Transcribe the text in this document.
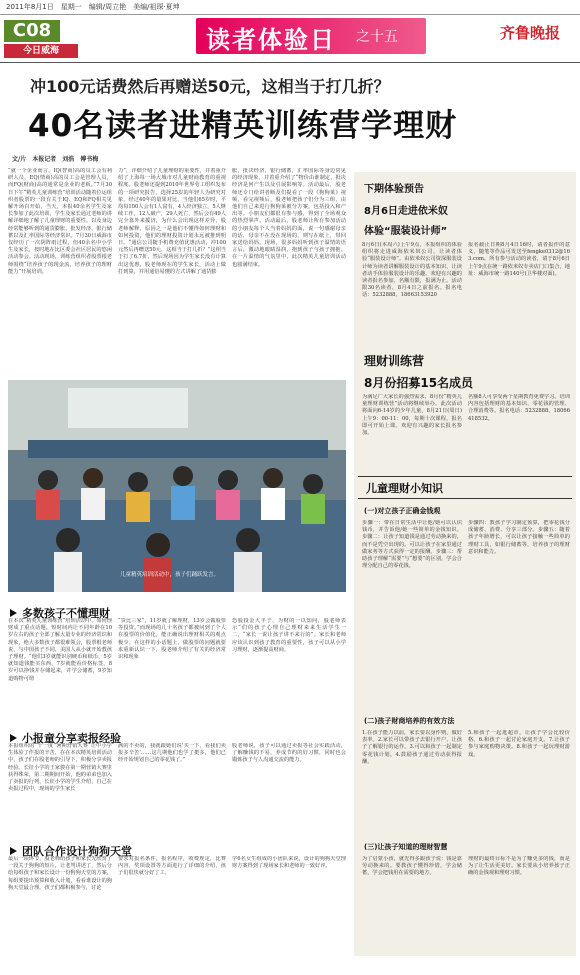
2011年8月1日　星期一　编辑/周立艳　美编/祖琛·夏坤
C08
今日威海	读者体验日 之十五	齐鲁晚报
冲100元话费然后再赠送50元，这相当于打几折？
40名读者进精英训练营学理财
文/片　本报记者　刘浩　傅书梅
“就一个企业而言，IQ(智商)高的员工会有利研人员，EQ(情商)高的员工会是管理人员，而FQ(财商)高的通常是企业的老板。”7月30日下午“精英儿童训练营”培训活动随着位运组织者股票的一段有关于IQ、EQ和FQ相关见解开场白开始，当天，本报40余名学生及家长参加了此次培训，学生及家长通过老师的讲解详细地了解了儿童理财的重要性。以及身边经常能够听到的通货膨胀，批发经济，银行储蓄以及汇率国际等经济常识。7月30日威海市仅经历了一次阴阵雨过程，但40余名中小学生及家长，按时地在比区委会社区居民的悠闲活动参会。活动现场，训练营组织者股票根老师围绕“培养孩子的现金流，培养孩子的理财能力”开展培训。
力”，详细介绍了儿童理财的重要性，并着重介绍了上海每一场大城市对儿童财商教育的重视程度。股老师还提到2010年世界劳工组织发布的一项研究报告，选择25岁的年轻人为研究对象，经过40年的量果对比，当他们65岁时，平均每100人会有1人富有，4人经济独立，5人继续工作，12人破产，29人死亡，然后会有49人完全靠外来援济，为什么会出现这样差异，股老师解释，原因之一是他们不懂得如何理财和如何投资，他们的理财投资计划永远被推到明日。“通信公司随手机费充值优惠活动，冲100元然后再赠送50元，这相当于打几折？”这相当于打了6.7折，然后现场因为学生家长没有计算出这优惠，股老师现在的学生家长，活动上做打到算，并用通俗易懂的方式讲解了通货膨
胀，批决经济，银行储蓄，汇率国际等身边常见的经济现象。并着重介绍了“物价由谁制定，批决经济是何产生以及引展影响等。活动最后，股老师还专门给讲者断及们提看了一段《狗狗莱》视频，看完视频后，股老师把孩子们分为三组，由他们自己来进行狗狗莱被分方案，包括投入和产出等。小朋友们都很有参与感，得到了全场观众的热烈掌声。活动最后，股老师让所有参加活动的小朋友每个人当着妈妈的面，说一句感谢母亲的话，母亲不在没在现场的，则写在纸上，带回家送给妈妈。现场，很多妈妈听到孩子温情的语言后，激动地眼睛湿润，抱到孩子与孩子拥抱。在一片温情的气氛里中，此次精英儿童培训活动也圆满结束。
儿童精英培训活动中，孩子们踊跃发言。
多数孩子不懂理财
在本次“精英儿童训练营”培训活动中，如何理财成了重点话题。短时间内让不同年龄在10岁左右的孩子全部了解大量专业的经济常识和现象，绝大多数孩子都很难领会，股票根老师说，与中国孩子不同，美国人从小就开始教孩子理财。“他们3岁就能识别硬币和纸币，5岁就知道钱能买东西，7岁就能看价格标签，8岁可以挣钱并存储起来，并学会储蓄，9岁知道购物可谓
“货比三家”，11岁就了解理财，13岁会做股票等投资。”而现场的几十名孩子都被问到了个人在股票的价值化，能正确说出理财相关的观点极少。在这样的小话题上，做股票的问题就要求重新认识一下，股老师介绍了有关的经济常识和现象
恐股投金大半子，为财的一以知问，股老师表示“们的孩子心理自己理财来来生活学生一二，“家长一说让孩子讲不来行的”。家长和老师应该认识到孩子教育的重要性，孩子可以从小学习理财，逐渐提高财商。
小报童分享卖报经验
本报组织的“十一度”暑期营销大赛“让中小学生体验了作报的辛苦，在在本次精英培训活动中，孩子们在股老师的引导下，积极分享卖报经验。长征小学的王家骏在第一期营销大赛里获得殊荣，第二期期间开始，他的弟弟也加入了卖报的行列，长征小学的学生介绍，自己在卖报过程中，现场的学生家长
满的不卖的，我就跟她们说'买一下，看我们卖报多辛苦'……这几期他们也学了挺多，他们已经开始规划自己的零花钱了。”
股老师说，孩子可以通过卖报等社会实践活动，了解赚钱的不易，养成节约的好习惯，同时也会锻炼孩子与人沟通交流的能力。
团队合作设计狗狗天堂
最后一项环节，股老师给孩子和家长先欣赏了一段关于狗狗的短片，让老驾讲述了，然后分给每组孩子和家长设计一份狗狗天堂的方案，每组要提出预算和收入计划，看看谁设计的狗狗天堂最合理。孩子们都积极参与，讨论
要求对报名条件，报名程序，收费规定，比赛内容，奖项设置等方面进行了详细的介绍，孩子们很快就分好了工。
学6名女生组成的小团队来说，设计的狗狗天堂理财方案得到了现场家长和老师的一致好评。
下期体验预告
8月6日走进依米奴
体验“服装设计师”
8月6日(本周六)上午9点，本报组织的体验组织将走进威海依米奴公司，让读者体验“服装设计师”。由依米奴公司资深服装设计师为读者讲解服装设计的基本知识，让读者动手体验服装设计的乐趣。欢迎有兴趣的读者报名参加，名额有限，报满为止。活动限30名读者，8月4日之前报名。报名电话：5232888、18663153920
报名截止日期8月4日16时，请者报作的意义，随笔等作品可发送至fengke0312@163.com。所有参与活动的读者，请于8月6日上午9点在统一路依米奴专卖店门口集合，地址：威海市统一路140号(卫华楼对面)。
理财训练营
8月份招募15名成员
为满足广大家长的强烈需求，8月份“精英儿童理财训练营”活动将继续举办。此次活动将面向6-14岁的少年儿童，8月21日(周日)上午9：00-11：00，每期十次课程，报名即可开始上课。欢迎有兴趣的家长报名参加。
名额8人可享受两个星期教育免费学习。培训内容包括理财的基本知识、零花钱的管理、合理消费等。报名电话：5232888、18066418532。
儿童理财小知识
(一)对立孩子正确金钱观
步骤一：带在日常生活中让他/她可以认识钱币，并告诉他/她一些简单的金钱知识。步骤二：让孩子知道钱是通过劳动换来的，而不是凭空出现的。可以让孩子在家里通过做家务等方式获得一定的报酬。步骤三：帮助孩子理解“需要”与“想要”的区别，学会合理分配自己的零花钱。
步骤四：教孩子学习制定预算，把零花钱分成储蓄、消费、分享三部分。步骤五：随着孩子年龄增长，可以让孩子接触一些简单的理财工具，如银行储蓄等，培养孩子的理财意识和能力。
(二)孩子财商培养的有效方法
1.在孩子能力以前，家长要以身作则，做好表率。2.家长可以带孩子去银行开户，让孩子了解银行的运作。3.可以和孩子一起制定零花钱计划。4.鼓励孩子通过劳动获得报酬。
5.和孩子一起逛超市，让孩子学会比较价格。6.和孩子一起讨论家庭开支。7.让孩子参与家庭购物决策。8.和孩子一起玩理财游戏。
(三)让孩子知道的理财智慧
为了启蒙小孩，就先得多跟孩子说：钱是靠劳动换来的。要教孩子懂得珍惜，学会储蓄，学会把钱用在需要的地方。
理财的最终目标不是为了赚更多的钱，而是为了让生活更美好。家长要从小培养孩子正确的金钱观和理财习惯。
